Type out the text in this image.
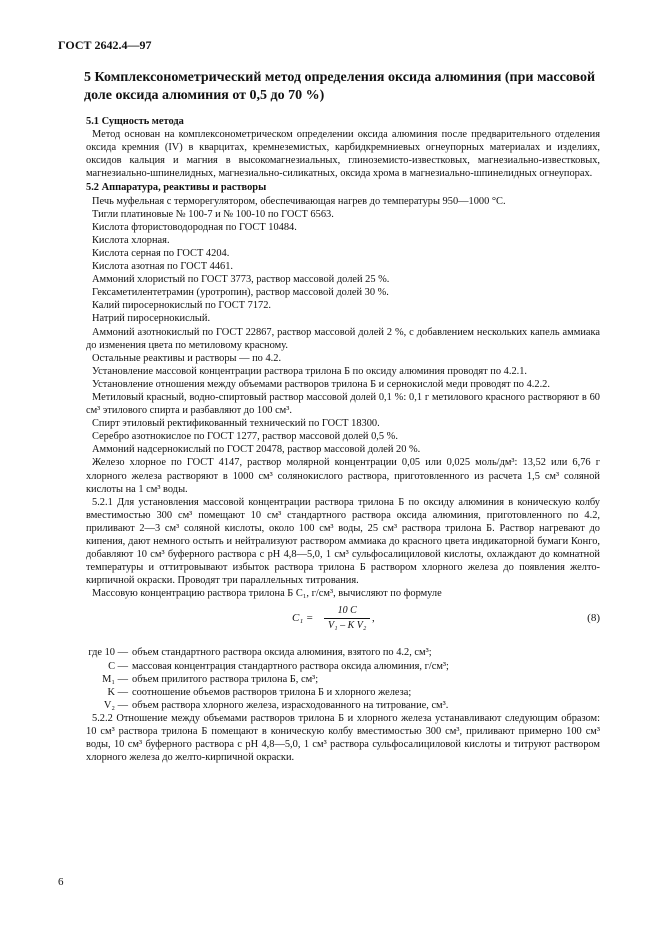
ГОСТ 2642.4—97
5 Комплексонометрический метод определения оксида алюминия (при массовой доле оксида алюминия от 0,5 до 70 %)

5.1 Сущность метода

Метод основан на комплексонометрическом определении оксида алюминия после предварительного отделения оксида кремния (IV) в кварцитах, кремнеземистых, карбидкремниевых огнеупорных материалах и изделиях, оксидов кальция и магния в высокомагнезиальных, глиноземисто-известковых, магнезиально-известковых, магнезиально-шпинелидных, магнезиально-силикатных, оксида хрома в магнезиально-шпинелидных огнеупорах.

5.2 Аппаратура, реактивы и растворы

Печь муфельная с терморегулятором, обеспечивающая нагрев до температуры 950—1000 °С.

Тигли платиновые № 100-7 и № 100-10 по ГОСТ 6563.

Кислота фтористоводородная по ГОСТ 10484.

Кислота хлорная.

Кислота серная по ГОСТ 4204.

Кислота азотная по ГОСТ 4461.

Аммоний хлористый по ГОСТ 3773, раствор массовой долей 25 %.

Гексаметилентетрамин (уротропин), раствор массовой долей 30 %.

Калий пиросернокислый по ГОСТ 7172.

Натрий пиросернокислый.

Аммоний азотнокислый по ГОСТ 22867, раствор массовой долей 2 %, с добавлением нескольких капель аммиака до изменения цвета по метиловому красному.

Остальные реактивы и растворы — по 4.2.

Установление массовой концентрации раствора трилона Б по оксиду алюминия проводят по 4.2.1.

Установление отношения между объемами растворов трилона Б и сернокислой меди проводят по 4.2.2.

Метиловый красный, водно-спиртовый раствор массовой долей 0,1 %: 0,1 г метилового красного растворяют в 60 см³ этилового спирта и разбавляют до 100 см³.

Спирт этиловый ректификованный технический по ГОСТ 18300.

Серебро азотнокислое по ГОСТ 1277, раствор массовой долей 0,5 %.

Аммоний надсернокислый по ГОСТ 20478, раствор массовой долей 20 %.

Железо хлорное по ГОСТ 4147, раствор молярной концентрации 0,05 или 0,025 моль/дм³: 13,52 или 6,76 г хлорного железа растворяют в 1000 см³ солянокислого раствора, приготовленного из расчета 1,5 см³ соляной кислоты на 1 см³ воды.

5.2.1 Для установления массовой концентрации раствора трилона Б по оксиду алюминия в коническую колбу вместимостью 300 см³ помещают 10 см³ стандартного раствора оксида алюминия, приготовленного по 4.2, приливают 2—3 см³ соляной кислоты, около 100 см³ воды, 25 см³ раствора трилона Б. Раствор нагревают до кипения, дают немного остыть и нейтрализуют раствором аммиака до красного цвета индикаторной бумаги Конго, добавляют 10 см³ буферного раствора с рН 4,8—5,0, 1 см³ сульфосалициловой кислоты, охлаждают до комнатной температуры и оттитровывают избыток раствора трилона Б раствором хлорного железа до появления желто-кирпичной окраски. Проводят три параллельных титрования.

Массовую концентрацию раствора трилона Б C₁, г/см³, вычисляют по формуле

$C_1 = \frac{10 C}{\text{V₁ – K V₂}}$ ,	(8)
где 10 — объем стандартного раствора оксида алюминия, взятого по 4.2, см³;
C — массовая концентрация стандартного раствора оксида алюминия, г/см³;
M₁ — объем прилитого раствора трилона Б, см³;
K — соотношение объемов растворов трилона Б и хлорного железа;
V₂ — объем раствора хлорного железа, израсходованного на титрование, см³.

5.2.2 Отношение между объемами растворов трилона Б и хлорного железа устанавливают следующим образом: 10 см³ раствора трилона Б помещают в коническую колбу вместимостью 300 см³, приливают примерно 100 см³ воды, 10 см³ буферного раствора с рН 4,8—5,0, 1 см³ раствора сульфосалициловой кислоты и титруют раствором хлорного железа до желто-кирпичной окраски.

6
